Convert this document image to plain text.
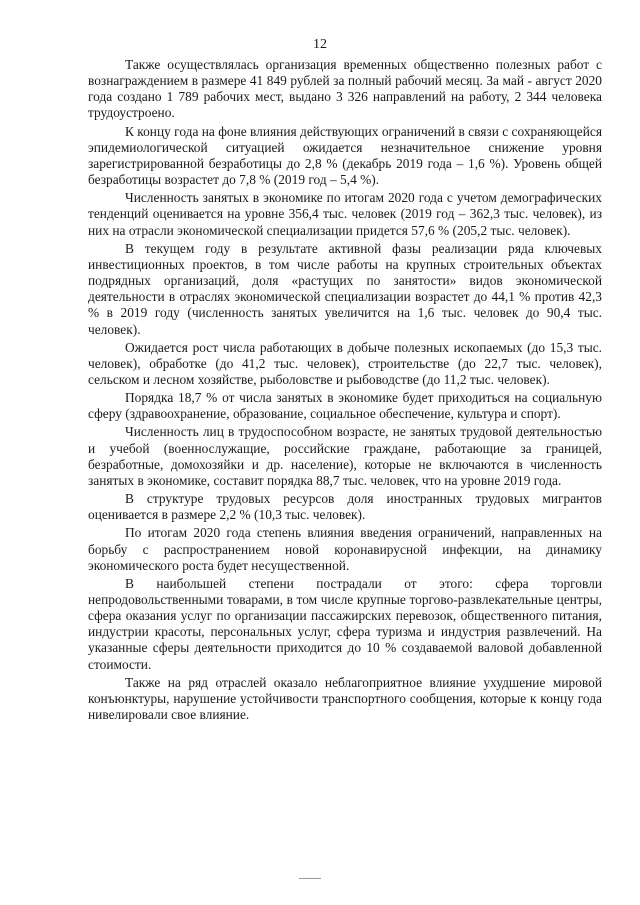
12

Также осуществлялась организация временных общественно полезных работ с вознаграждением в размере 41 849 рублей за полный рабочий месяц. За май - август 2020 года создано 1 789 рабочих мест, выдано 3 326 направлений на работу, 2 344 человека трудоустроено.

К концу года на фоне влияния действующих ограничений в связи с сохраняющейся эпидемиологической ситуацией ожидается незначительное снижение уровня зарегистрированной безработицы до 2,8 % (декабрь 2019 года – 1,6 %). Уровень общей безработицы возрастет до 7,8 % (2019 год – 5,4 %).

Численность занятых в экономике по итогам 2020 года с учетом демографических тенденций оценивается на уровне 356,4 тыс. человек (2019 год – 362,3 тыс. человек), из них на отрасли экономической специализации придется 57,6 % (205,2 тыс. человек).

В текущем году в результате активной фазы реализации ряда ключевых инвестиционных проектов, в том числе работы на крупных строительных объектах подрядных организаций, доля «растущих по занятости» видов экономической деятельности в отраслях экономической специализации возрастет до 44,1 % против 42,3 % в 2019 году (численность занятых увеличится на 1,6 тыс. человек до 90,4 тыс. человек).

Ожидается рост числа работающих в добыче полезных ископаемых (до 15,3 тыс. человек), обработке (до 41,2 тыс. человек), строительстве (до 22,7 тыс. человек), сельском и лесном хозяйстве, рыболовстве и рыбоводстве (до 11,2 тыс. человек).

Порядка 18,7 % от числа занятых в экономике будет приходиться на социальную сферу (здравоохранение, образование, социальное обеспечение, культура и спорт).

Численность лиц в трудоспособном возрасте, не занятых трудовой деятельностью и учебой (военнослужащие, российские граждане, работающие за границей, безработные, домохозяйки и др. население), которые не включаются в численность занятых в экономике, составит порядка 88,7 тыс. человек, что на уровне 2019 года.

В структуре трудовых ресурсов доля иностранных трудовых мигрантов оценивается в размере 2,2 % (10,3 тыс. человек).

По итогам 2020 года степень влияния введения ограничений, направленных на борьбу с распространением новой коронавирусной инфекции, на динамику экономического роста будет несущественной.

В наибольшей степени пострадали от этого: сфера торговли непродовольственными товарами, в том числе крупные торгово-развлекательные центры, сфера оказания услуг по организации пассажирских перевозок, общественного питания, индустрии красоты, персональных услуг, сфера туризма и индустрия развлечений. На указанные сферы деятельности приходится до 10 % создаваемой валовой добавленной стоимости.

Также на ряд отраслей оказало неблагоприятное влияние ухудшение мировой конъюнктуры, нарушение устойчивости транспортного сообщения, которые к концу года нивелировали свое влияние.
